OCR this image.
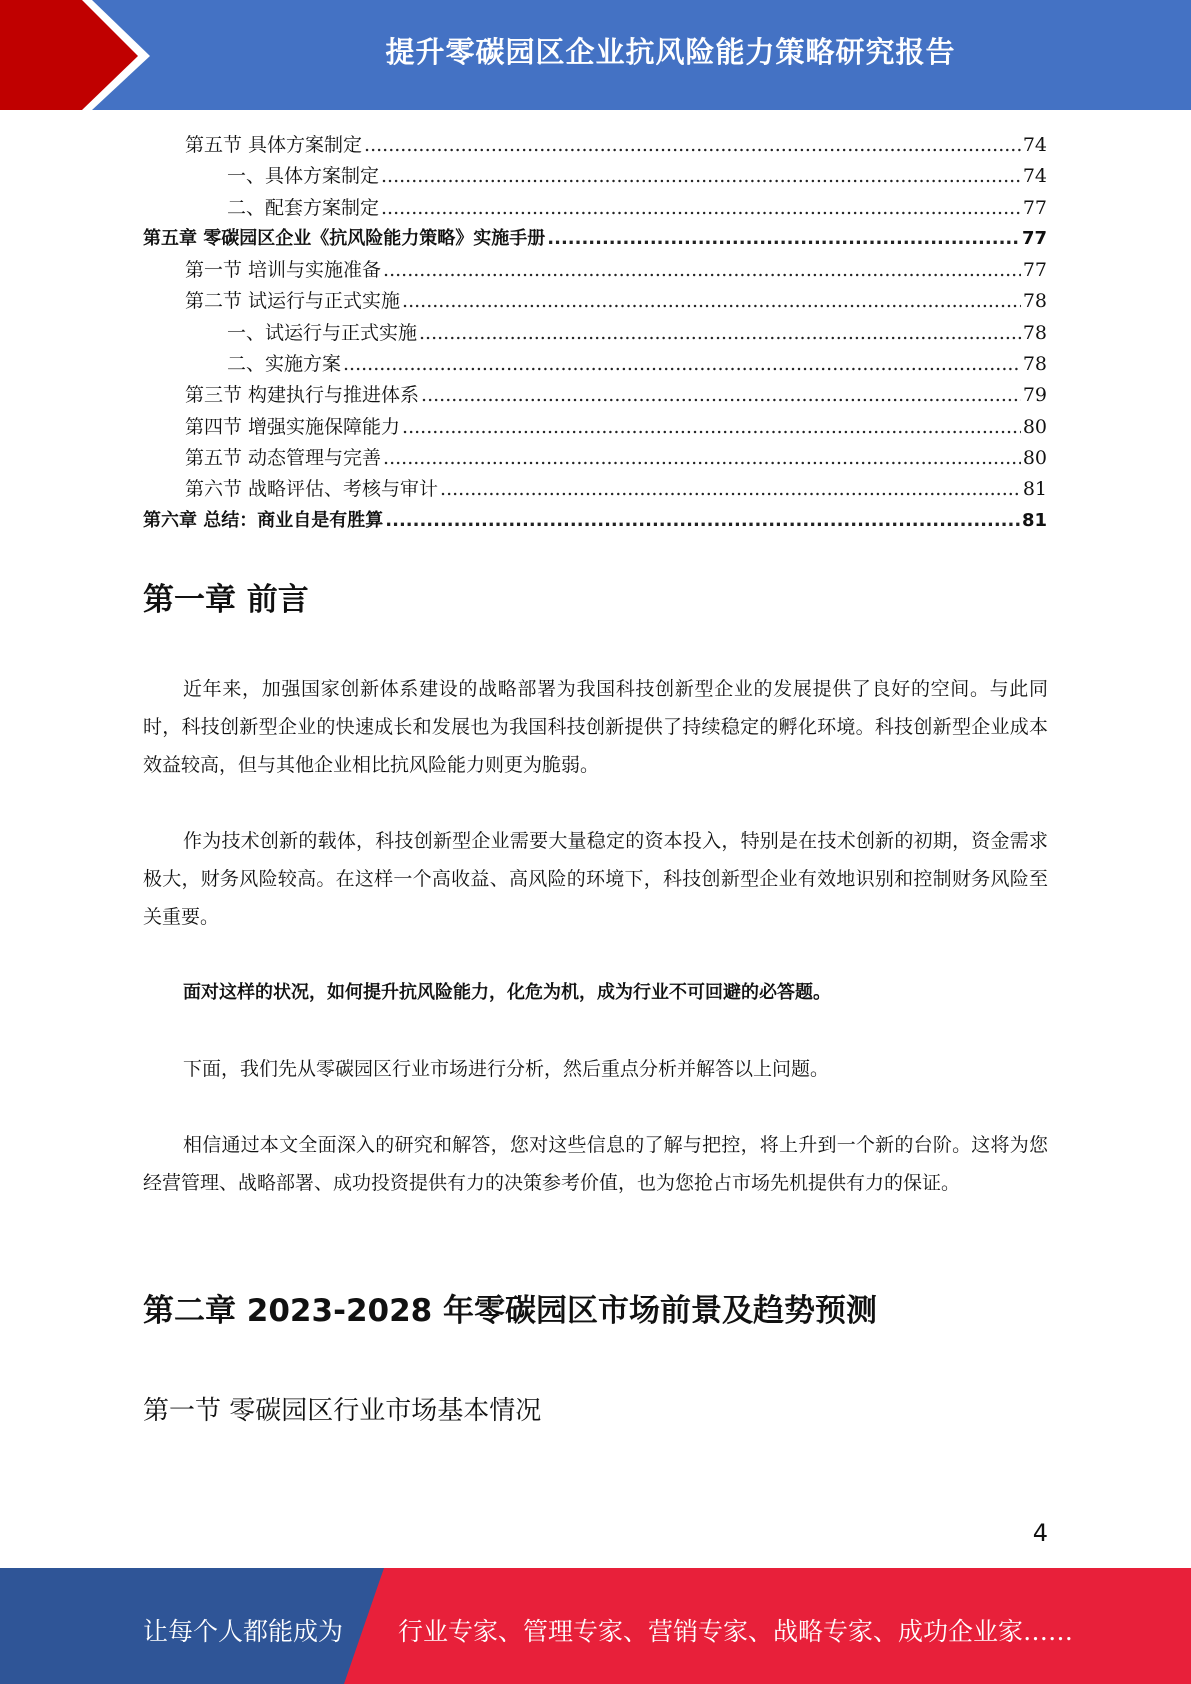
提升零碳园区企业抗风险能力策略研究报告
第五节 具体方案制定 .....	74
一、具体方案制定 .....	74
二、配套方案制定 .....	77
第五章 零碳园区企业《抗风险能力策略》实施手册 .....	77
第一节 培训与实施准备 .....	77
第二节 试运行与正式实施 .....	78
一、试运行与正式实施 .....	78
二、实施方案 .....	78
第三节 构建执行与推进体系 .....	79
第四节 增强实施保障能力 .....	80
第五节 动态管理与完善 .....	80
第六节 战略评估、考核与审计 .....	81
第六章 总结：商业自是有胜算 .....	81
第一章 前言

近年来，加强国家创新体系建设的战略部署为我国科技创新型企业的发展提供了良好的空间。与此同时，科技创新型企业的快速成长和发展也为我国科技创新提供了持续稳定的孵化环境。科技创新型企业成本效益较高，但与其他企业相比抗风险能力则更为脆弱。

作为技术创新的载体，科技创新型企业需要大量稳定的资本投入，特别是在技术创新的初期，资金需求极大，财务风险较高。在这样一个高收益、高风险的环境下，科技创新型企业有效地识别和控制财务风险至关重要。

面对这样的状况，如何提升抗风险能力，化危为机，成为行业不可回避的必答题。

下面，我们先从零碳园区行业市场进行分析，然后重点分析并解答以上问题。

相信通过本文全面深入的研究和解答，您对这些信息的了解与把控，将上升到一个新的台阶。这将为您经营管理、战略部署、成功投资提供有力的决策参考价值，也为您抢占市场先机提供有力的保证。

第二章 2023-2028 年零碳园区市场前景及趋势预测
第一节 零碳园区行业市场基本情况
4
让每个人都能成为 行业专家、管理专家、营销专家、战略专家、成功企业家……
